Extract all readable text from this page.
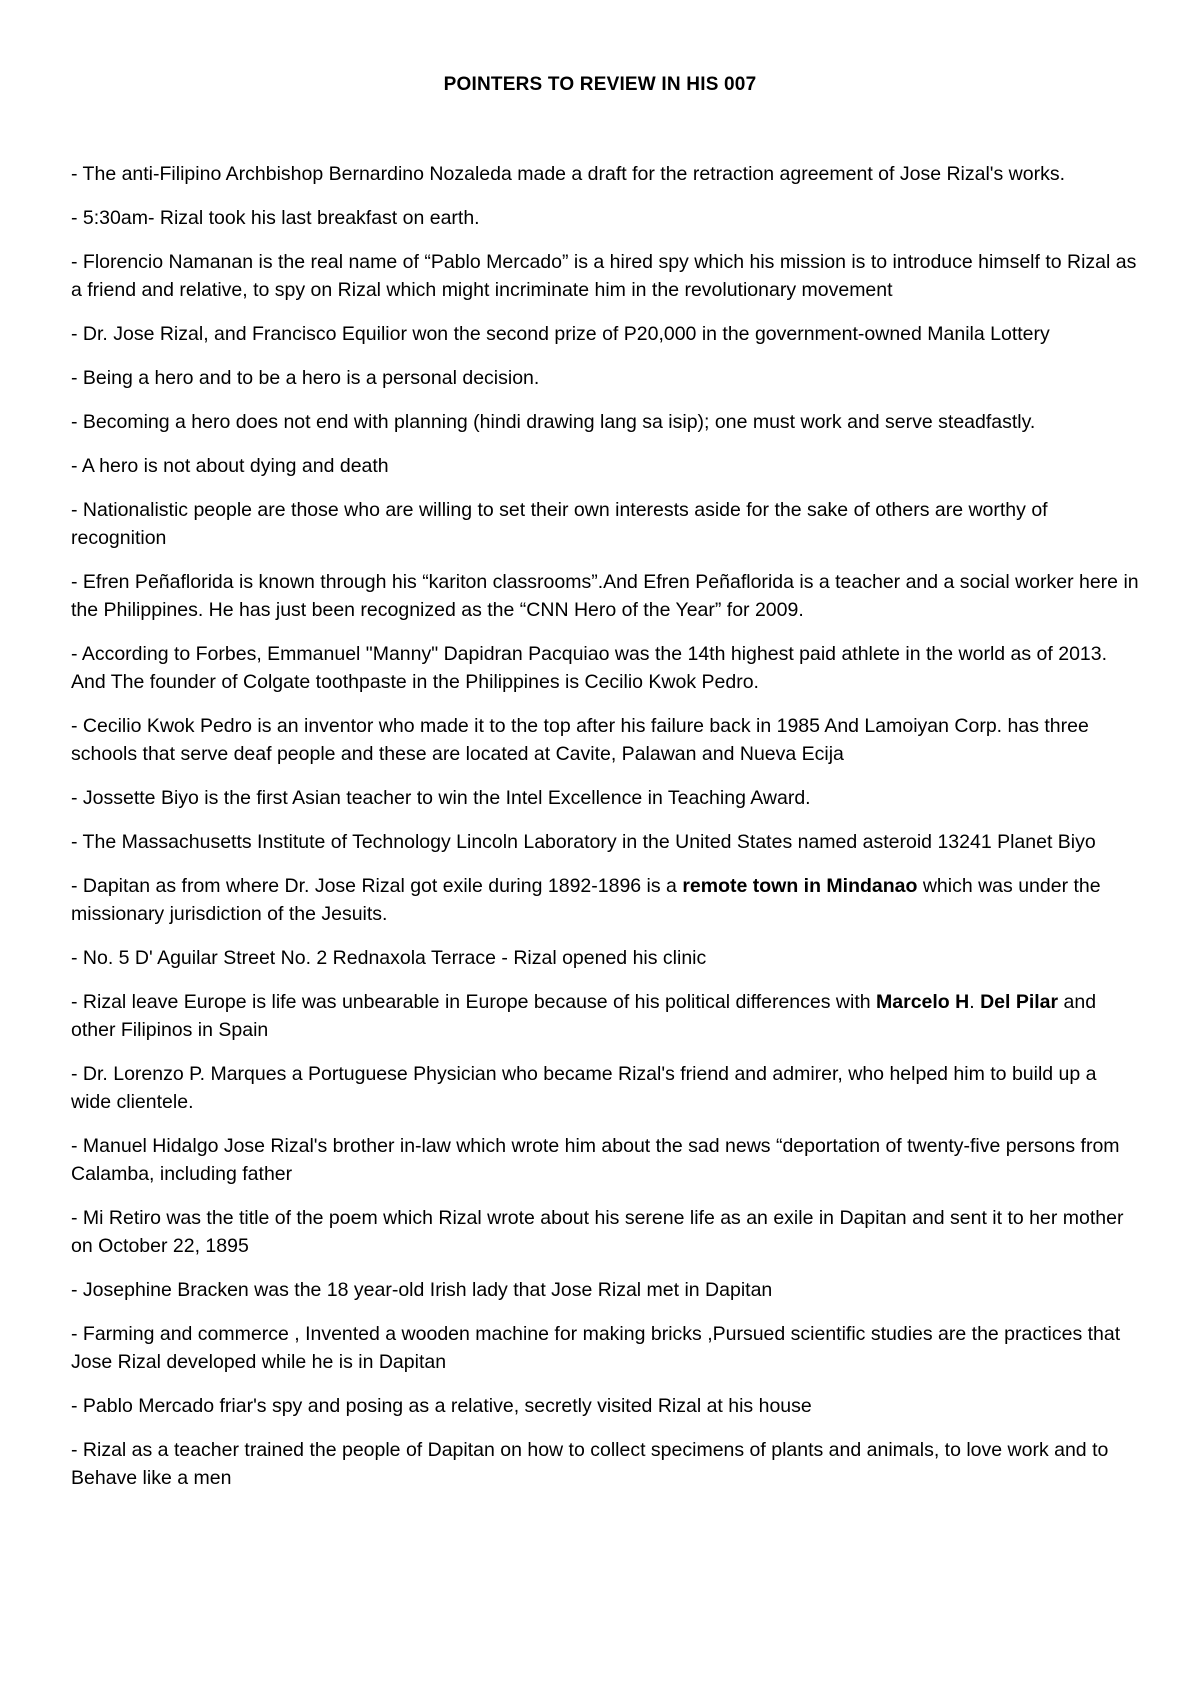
POINTERS TO REVIEW IN HIS 007

- The anti-Filipino Archbishop Bernardino Nozaleda made a draft for the retraction agreement of Jose Rizal's works.

- 5:30am- Rizal took his last breakfast on earth.

- Florencio Namanan is the real name of “Pablo Mercado” is a hired spy which his mission is to introduce himself to Rizal as a friend and relative, to spy on Rizal which might incriminate him in the revolutionary movement

- Dr. Jose Rizal, and Francisco Equilior won the second prize of P20,000 in the government-owned Manila Lottery

- Being a hero and to be a hero is a personal decision.

- Becoming a hero does not end with planning (hindi drawing lang sa isip); one must work and serve steadfastly.

- A hero is not about dying and death

- Nationalistic people are those who are willing to set their own interests aside for the sake of others are worthy of recognition

- Efren Peñaflorida is known through his “kariton classrooms”.And Efren Peñaflorida is a teacher and a social worker here in the Philippines. He has just been recognized as the “CNN Hero of the Year” for 2009.

- According to Forbes, Emmanuel "Manny" Dapidran Pacquiao was the 14th highest paid athlete in the world as of 2013. And The founder of Colgate toothpaste in the Philippines is Cecilio Kwok Pedro.

- Cecilio Kwok Pedro is an inventor who made it to the top after his failure back in 1985 And Lamoiyan Corp. has three schools that serve deaf people and these are located at Cavite, Palawan and Nueva Ecija

- Jossette Biyo is the first Asian teacher to win the Intel Excellence in Teaching Award.

- The Massachusetts Institute of Technology Lincoln Laboratory in the United States named asteroid 13241 Planet Biyo

- Dapitan as from where Dr. Jose Rizal got exile during 1892-1896 is a remote town in Mindanao which was under the missionary jurisdiction of the Jesuits.

- No. 5 D' Aguilar Street No. 2 Rednaxola Terrace - Rizal opened his clinic

- Rizal leave Europe is life was unbearable in Europe because of his political differences with Marcelo H. Del Pilar and other Filipinos in Spain

- Dr. Lorenzo P. Marques a Portuguese Physician who became Rizal's friend and admirer, who helped him to build up a wide clientele.

- Manuel Hidalgo Jose Rizal's brother in-law which wrote him about the sad news “deportation of twenty-five persons from Calamba, including father

- Mi Retiro was the title of the poem which Rizal wrote about his serene life as an exile in Dapitan and sent it to her mother on October 22, 1895

- Josephine Bracken was the 18 year-old Irish lady that Jose Rizal met in Dapitan

- Farming and commerce , Invented a wooden machine for making bricks ,Pursued scientific studies are the practices that Jose Rizal developed while he is in Dapitan

- Pablo Mercado friar's spy and posing as a relative, secretly visited Rizal at his house

- Rizal as a teacher trained the people of Dapitan on how to collect specimens of plants and animals, to love work and to Behave like a men
